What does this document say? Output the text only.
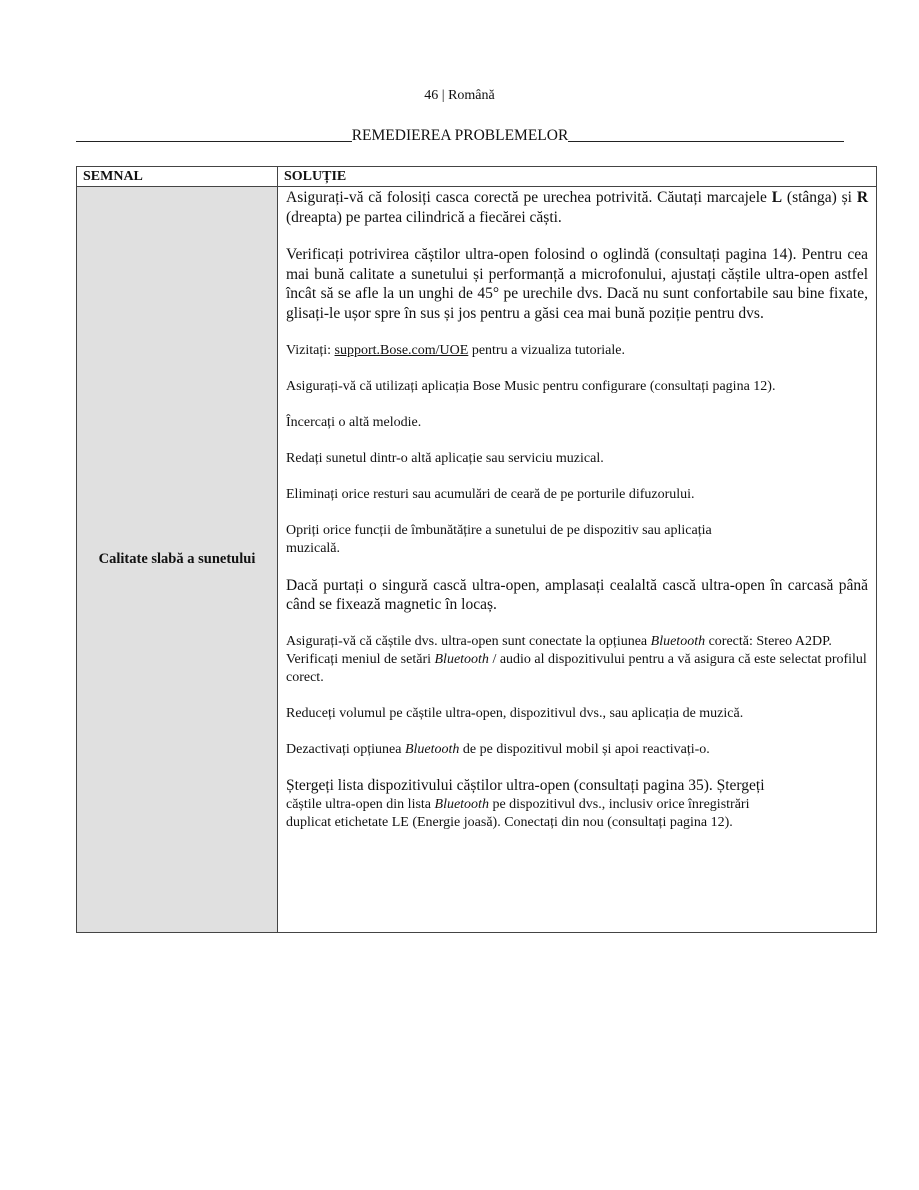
46 | Română
REMEDIEREA PROBLEMELOR
SEMNAL	SOLUȚIE
Calitate slabă a sunetului	

Asigurați-vă că folosiți casca corectă pe urechea potrivită. Căutați marcajele L (stânga) și R (dreapta) pe partea cilindrică a fiecărei căști.

Verificați potrivirea căștilor ultra-open folosind o oglindă (consultați pagina 14). Pentru cea mai bună calitate a sunetului și performanță a microfonului, ajustați căștile ultra-open astfel încât să se afle la un unghi de 45° pe urechile dvs. Dacă nu sunt confortabile sau bine fixate, glisați-le ușor spre în sus și jos pentru a găsi cea mai bună poziție pentru dvs.

Vizitați: support.Bose.com/UOE pentru a vizualiza tutoriale.

Asigurați-vă că utilizați aplicația Bose Music pentru configurare (consultați pagina 12).

Încercați o altă melodie.

Redați sunetul dintr-o altă aplicație sau serviciu muzical.

Eliminați orice resturi sau acumulări de ceară de pe porturile difuzorului.

Opriți orice funcții de îmbunătățire a sunetului de pe dispozitiv sau aplicația muzicală.

Dacă purtați o singură cască ultra-open, amplasați cealaltă cască ultra-open în carcasă până când se fixează magnetic în locaș.

Asigurați-vă că căștile dvs. ultra-open sunt conectate la opțiunea Bluetooth corectă: Stereo A2DP. Verificați meniul de setări Bluetooth / audio al dispozitivului pentru a vă asigura că este selectat profilul corect.

Reduceți volumul pe căștile ultra-open, dispozitivul dvs., sau aplicația de muzică.

Dezactivați opțiunea Bluetooth de pe dispozitivul mobil și apoi reactivați-o.

Ștergeți lista dispozitivului căștilor ultra-open (consultați pagina 35). Ștergeți căștile ultra-open din lista Bluetooth pe dispozitivul dvs., inclusiv orice înregistrări duplicat etichetate LE (Energie joasă). Conectați din nou (consultați pagina 12).
